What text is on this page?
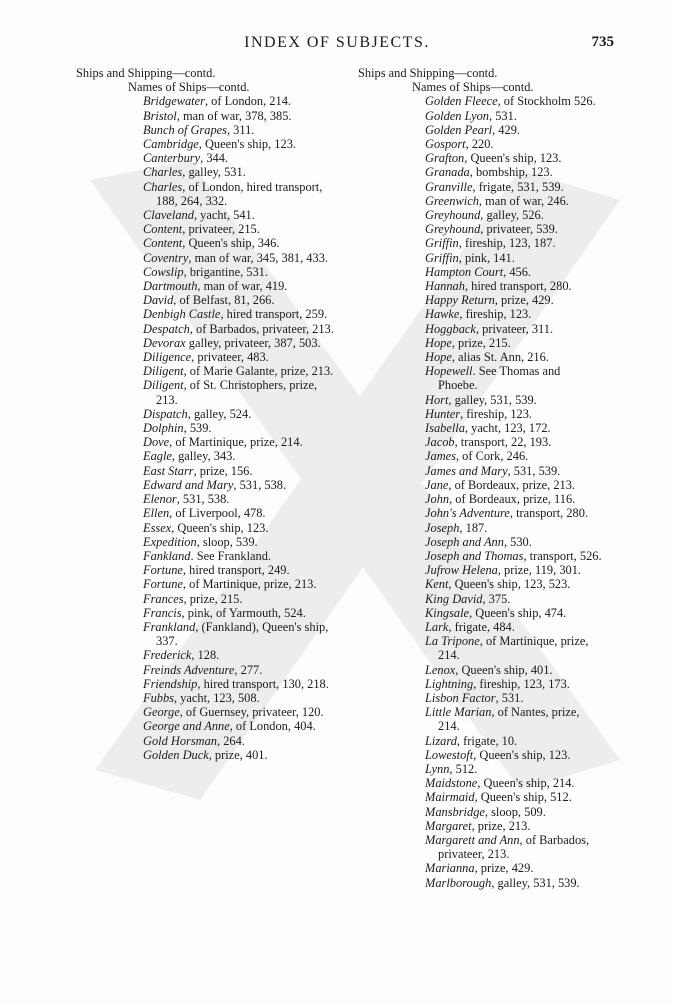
INDEX OF SUBJECTS.	735
Ships and Shipping—contd.
Names of Ships—contd.
Bridgewater, of London, 214.
Bristol, man of war, 378, 385.
Bunch of Grapes, 311.
Cambridge, Queen's ship, 123.
Canterbury, 344.
Charles, galley, 531.
Charles, of London, hired transport, 188, 264, 332.
Claveland, yacht, 541.
Content, privateer, 215.
Content, Queen's ship, 346.
Coventry, man of war, 345, 381, 433.
Cowslip, brigantine, 531.
Dartmouth, man of war, 419.
David, of Belfast, 81, 266.
Denbigh Castle, hired transport, 259.
Despatch, of Barbados, privateer, 213.
Devorax galley, privateer, 387, 503.
Diligence, privateer, 483.
Diligent, of Marie Galante, prize, 213.
Diligent, of St. Christophers, prize, 213.
Dispatch, galley, 524.
Dolphin, 539.
Dove, of Martinique, prize, 214.
Eagle, galley, 343.
East Starr, prize, 156.
Edward and Mary, 531, 538.
Elenor, 531, 538.
Ellen, of Liverpool, 478.
Essex, Queen's ship, 123.
Expedition, sloop, 539.
Fankland. See Frankland.
Fortune, hired transport, 249.
Fortune, of Martinique, prize, 213.
Frances, prize, 215.
Francis, pink, of Yarmouth, 524.
Frankland, (Fankland), Queen's ship, 337.
Frederick, 128.
Freinds Adventure, 277.
Friendship, hired transport, 130, 218.
Fubbs, yacht, 123, 508.
George, of Guernsey, privateer, 120.
George and Anne, of London, 404.
Gold Horsman, 264.
Golden Duck, prize, 401.
Ships and Shipping—contd.
Names of Ships—contd.
Golden Fleece, of Stockholm 526.
Golden Lyon, 531.
Golden Pearl, 429.
Gosport, 220.
Grafton, Queen's ship, 123.
Granada, bombship, 123.
Granville, frigate, 531, 539.
Greenwich, man of war, 246.
Greyhound, galley, 526.
Greyhound, privateer, 539.
Griffin, fireship, 123, 187.
Griffin, pink, 141.
Hampton Court, 456.
Hannah, hired transport, 280.
Happy Return, prize, 429.
Hawke, fireship, 123.
Hoggback, privateer, 311.
Hope, prize, 215.
Hope, alias St. Ann, 216.
Hopewell. See Thomas and Phoebe.
Hort, galley, 531, 539.
Hunter, fireship, 123.
Isabella, yacht, 123, 172.
Jacob, transport, 22, 193.
James, of Cork, 246.
James and Mary, 531, 539.
Jane, of Bordeaux, prize, 213.
John, of Bordeaux, prize, 116.
John's Adventure, transport, 280.
Joseph, 187.
Joseph and Ann, 530.
Joseph and Thomas, transport, 526.
Jufrow Helena, prize, 119, 301.
Kent, Queen's ship, 123, 523.
King David, 375.
Kingsale, Queen's ship, 474.
Lark, frigate, 484.
La Tripone, of Martinique, prize, 214.
Lenox, Queen's ship, 401.
Lightning, fireship, 123, 173.
Lisbon Factor, 531.
Little Marian, of Nantes, prize, 214.
Lizard, frigate, 10.
Lowestoft, Queen's ship, 123.
Lynn, 512.
Maidstone, Queen's ship, 214.
Mairmaid, Queen's ship, 512.
Mansbridge, sloop, 509.
Margaret, prize, 213.
Margarett and Ann, of Barbados, privateer, 213.
Marianna, prize, 429.
Marlborough, galley, 531, 539.
